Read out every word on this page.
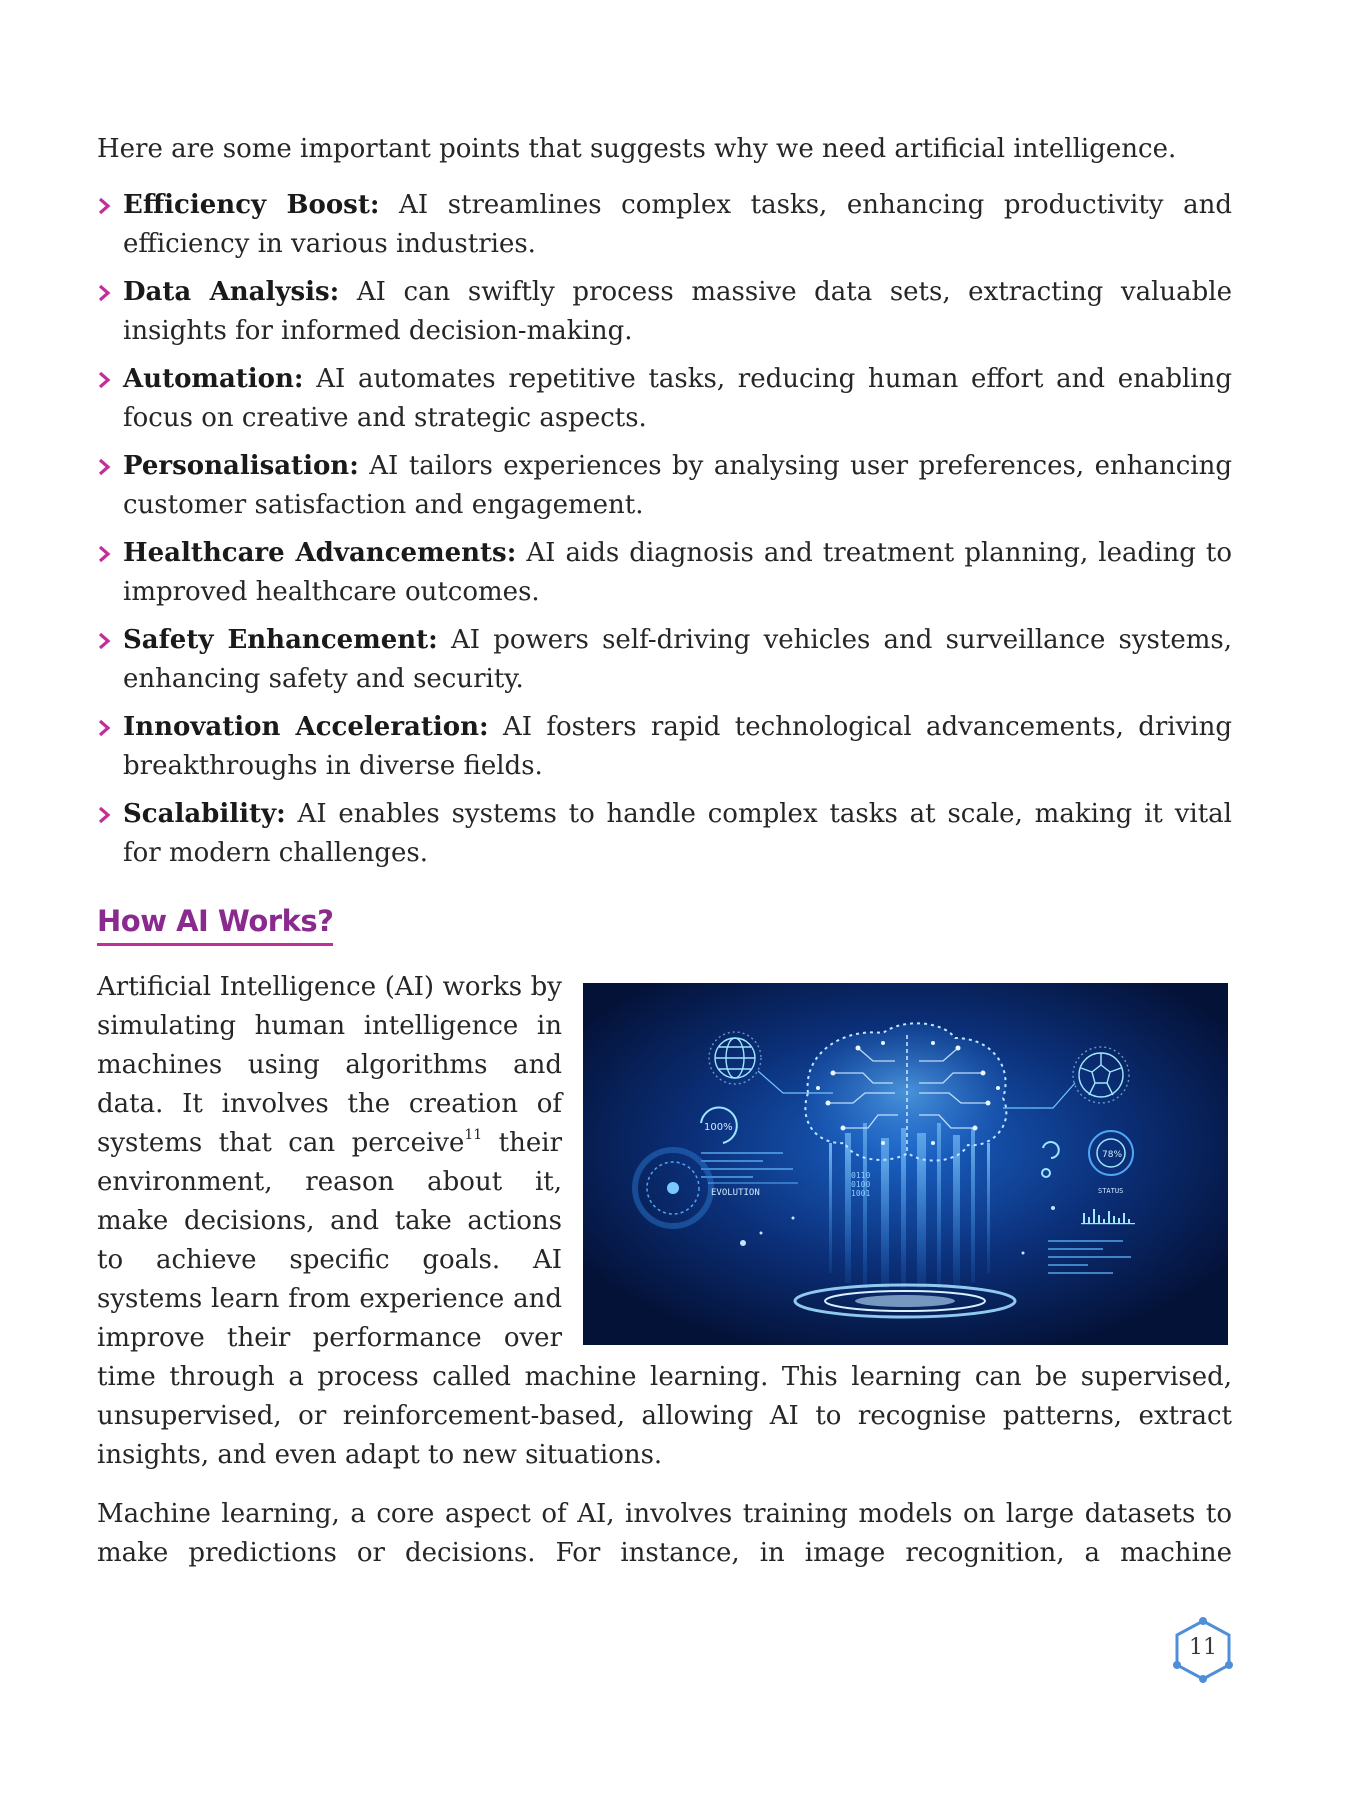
Here are some important points that suggests why we need artificial intelligence.

Efficiency Boost: AI streamlines complex tasks, enhancing productivity and efficiency in various industries.
Data Analysis: AI can swiftly process massive data sets, extracting valuable insights for informed decision-making.
Automation: AI automates repetitive tasks, reducing human effort and enabling focus on creative and strategic aspects.
Personalisation: AI tailors experiences by analysing user preferences, enhancing customer satisfaction and engagement.
Healthcare Advancements: AI aids diagnosis and treatment planning, leading to improved healthcare outcomes.
Safety Enhancement: AI powers self-driving vehicles and surveillance systems, enhancing safety and security.
Innovation Acceleration: AI fosters rapid technological advancements, driving breakthroughs in diverse fields.
Scalability: AI enables systems to handle complex tasks at scale, making it vital for modern challenges.
How AI Works?

Artificial Intelligence (AI) works by

simulating human intelligence in

machines using algorithms and

data. It involves the creation of

systems that can perceive$^{11}$ their

environment, reason about it,

make decisions, and take actions

to achieve specific goals. AI

systems learn from experience and

improve their performance over

time through a process called machine learning. This learning can be supervised, unsupervised, or reinforcement-based, allowing AI to recognise patterns, extract insights, and even adapt to new situations.

Machine learning, a core aspect of AI, involves training models on large datasets to make predictions or decisions. For instance, in image recognition, a machine

100%
EVOLUTION
0110
0100
1001
78%
STATUS
11
